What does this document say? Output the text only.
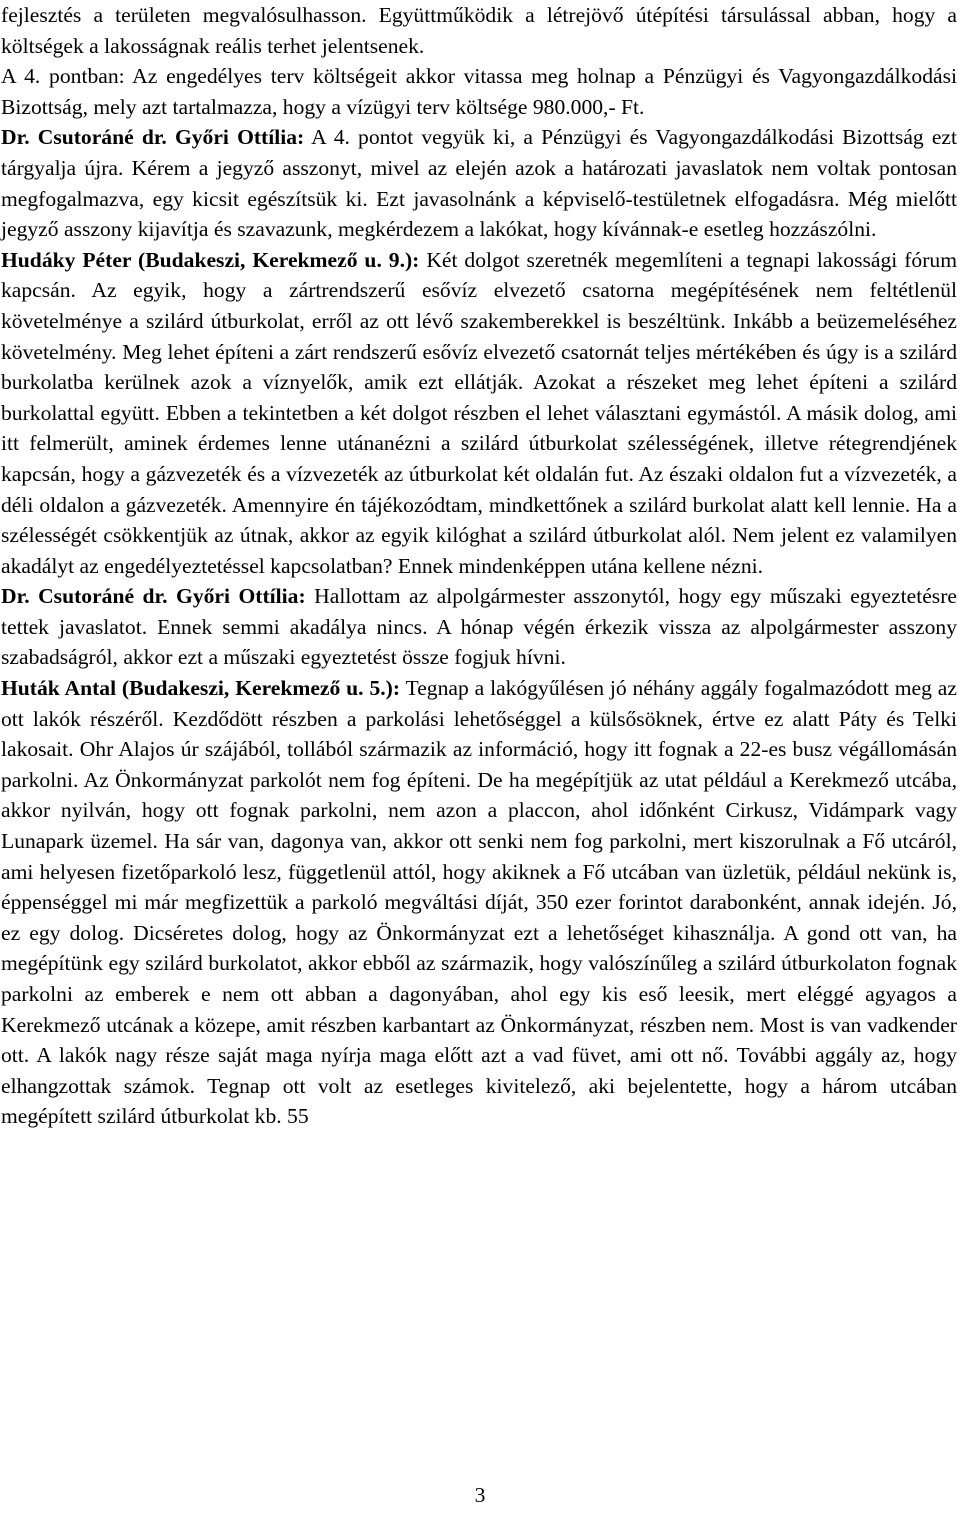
fejlesztés a területen megvalósulhasson. Együttműködik a létrejövő útépítési társulással abban, hogy a költségek a lakosságnak reális terhet jelentsenek.

A 4. pontban: Az engedélyes terv költségeit akkor vitassa meg holnap a Pénzügyi és Vagyongazdálkodási Bizottság, mely azt tartalmazza, hogy a vízügyi terv költsége 980.000,- Ft.

Dr. Csutoráné dr. Győri Ottília: A 4. pontot vegyük ki, a Pénzügyi és Vagyongazdálkodási Bizottság ezt tárgyalja újra. Kérem a jegyző asszonyt, mivel az elején azok a határozati javaslatok nem voltak pontosan megfogalmazva, egy kicsit egészítsük ki. Ezt javasolnánk a képviselő-testületnek elfogadásra. Még mielőtt jegyző asszony kijavítja és szavazunk, megkérdezem a lakókat, hogy kívánnak-e esetleg hozzászólni.

Hudáky Péter (Budakeszi, Kerekmező u. 9.): Két dolgot szeretnék megemlíteni a tegnapi lakossági fórum kapcsán. Az egyik, hogy a zártrendszerű esővíz elvezető csatorna megépítésének nem feltétlenül követelménye a szilárd útburkolat, erről az ott lévő szakemberekkel is beszéltünk. Inkább a beüzemeléséhez követelmény. Meg lehet építeni a zárt rendszerű esővíz elvezető csatornát teljes mértékében és úgy is a szilárd burkolatba kerülnek azok a víznyelők, amik ezt ellátják. Azokat a részeket meg lehet építeni a szilárd burkolattal együtt. Ebben a tekintetben a két dolgot részben el lehet választani egymástól. A másik dolog, ami itt felmerült, aminek érdemes lenne utánanézni a szilárd útburkolat szélességének, illetve rétegrendjének kapcsán, hogy a gázvezeték és a vízvezeték az útburkolat két oldalán fut. Az északi oldalon fut a vízvezeték, a déli oldalon a gázvezeték. Amennyire én tájékozódtam, mindkettőnek a szilárd burkolat alatt kell lennie. Ha a szélességét csökkentjük az útnak, akkor az egyik kilóghat a szilárd útburkolat alól. Nem jelent ez valamilyen akadályt az engedélyeztetéssel kapcsolatban? Ennek mindenképpen utána kellene nézni.

Dr. Csutoráné dr. Győri Ottília: Hallottam az alpolgármester asszonytól, hogy egy műszaki egyeztetésre tettek javaslatot. Ennek semmi akadálya nincs. A hónap végén érkezik vissza az alpolgármester asszony szabadságról, akkor ezt a műszaki egyeztetést össze fogjuk hívni.

Huták Antal (Budakeszi, Kerekmező u. 5.): Tegnap a lakógyűlésen jó néhány aggály fogalmazódott meg az ott lakók részéről. Kezdődött részben a parkolási lehetőséggel a külsősöknek, értve ez alatt Páty és Telki lakosait. Ohr Alajos úr szájából, tollából származik az információ, hogy itt fognak a 22-es busz végállomásán parkolni. Az Önkormányzat parkolót nem fog építeni. De ha megépítjük az utat például a Kerekmező utcába, akkor nyilván, hogy ott fognak parkolni, nem azon a placcon, ahol időnként Cirkusz, Vidámpark vagy Lunapark üzemel. Ha sár van, dagonya van, akkor ott senki nem fog parkolni, mert kiszorulnak a Fő utcáról, ami helyesen fizetőparkoló lesz, függetlenül attól, hogy akiknek a Fő utcában van üzletük, például nekünk is, éppenséggel mi már megfizettük a parkoló megváltási díját, 350 ezer forintot darabonként, annak idején. Jó, ez egy dolog. Dicséretes dolog, hogy az Önkormányzat ezt a lehetőséget kihasználja. A gond ott van, ha megépítünk egy szilárd burkolatot, akkor ebből az származik, hogy valószínűleg a szilárd útburkolaton fognak parkolni az emberek e nem ott abban a dagonyában, ahol egy kis eső leesik, mert eléggé agyagos a Kerekmező utcának a közepe, amit részben karbantart az Önkormányzat, részben nem. Most is van vadkender ott. A lakók nagy része saját maga nyírja maga előtt azt a vad füvet, ami ott nő. További aggály az, hogy elhangzottak számok. Tegnap ott volt az esetleges kivitelező, aki bejelentette, hogy a három utcában megépített szilárd útburkolat kb. 55

3
